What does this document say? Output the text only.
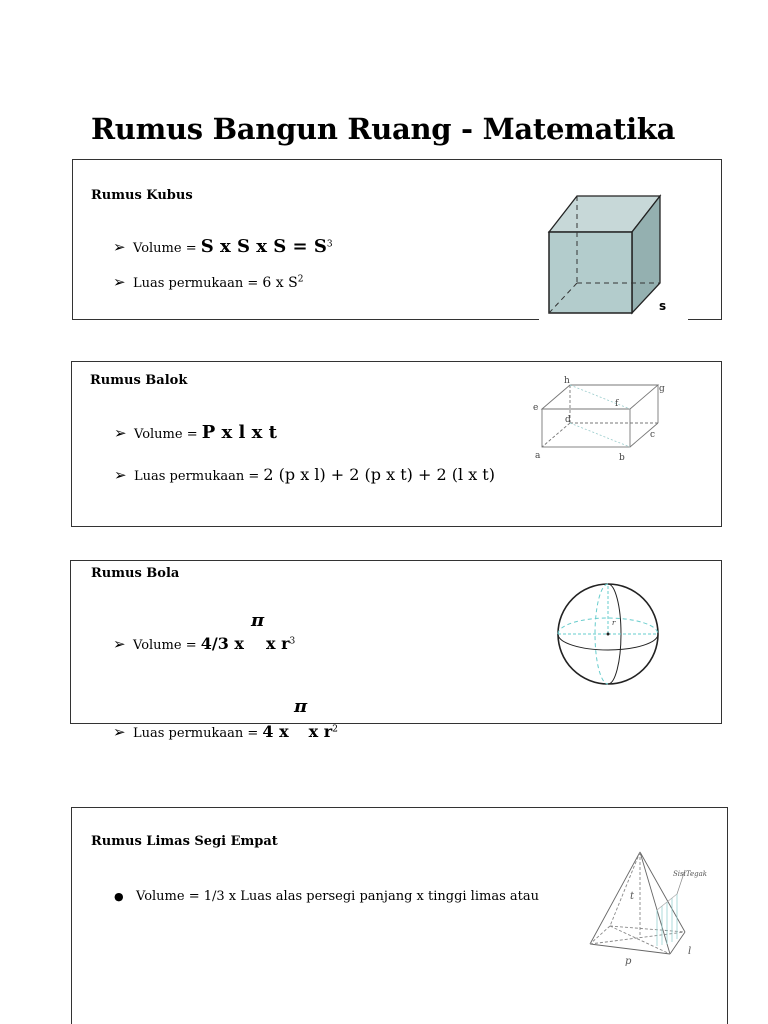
Rumus Bangun Ruang - Matematika
Rumus Kubus
➢ Volume = S x S x $S = S^3$
➢ Luas permukaan = 6 x $S^2$
s
Rumus Balok
➢ Volume = P x l x t
➢ Luas permukaan = 2 (p x l) + 2 (p x t) + 2 (l x t)
h
g
e	f
d
c
a	b
Rumus Bola
π
➢ Volume = 4/3 x x $r^3$
r
π
➢ Luas permukaan = 4 x x $r^2$
Rumus Limas Segi Empat
● Volume = 1/3 x Luas alas persegi panjang x tinggi limas atau
SisiTegak
t
p
l
